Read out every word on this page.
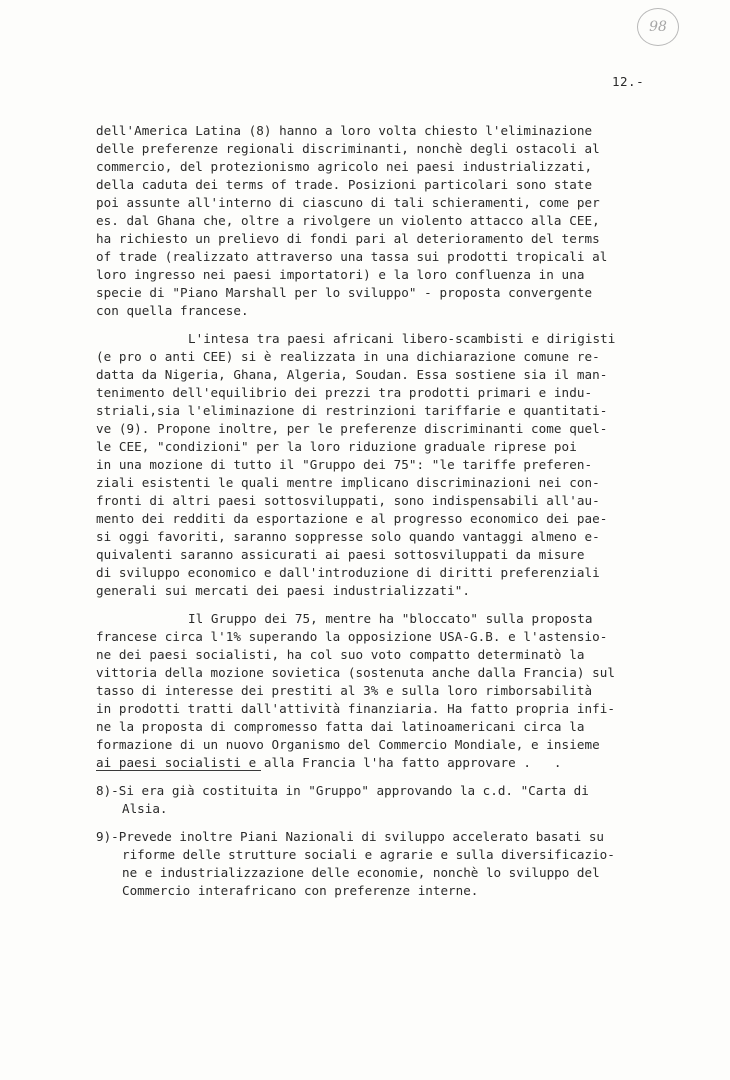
98
12.-
dell'America Latina (8) hanno a loro volta chiesto l'eliminazione
delle preferenze regionali discriminanti, nonchè degli ostacoli al
commercio, del protezionismo agricolo nei paesi industrializzati,
della caduta dei terms of trade. Posizioni particolari sono state
poi assunte all'interno di ciascuno di tali schieramenti, come per
es. dal Ghana che, oltre a rivolgere un violento attacco alla CEE,
ha richiesto un prelievo di fondi pari al deterioramento del terms
of trade (realizzato attraverso una tassa sui prodotti tropicali al
loro ingresso nei paesi importatori) e la loro confluenza in una
specie di "Piano Marshall per lo sviluppo" - proposta convergente
con quella francese.
L'intesa tra paesi africani libero-scambisti e dirigisti
(e pro o anti CEE) si è realizzata in una dichiarazione comune re-
datta da Nigeria, Ghana, Algeria, Soudan. Essa sostiene sia il man-
tenimento dell'equilibrio dei prezzi tra prodotti primari e indu-
striali,sia l'eliminazione di restrinzioni tariffarie e quantitati-
ve (9). Propone inoltre, per le preferenze discriminanti come quel-
le CEE, "condizioni" per la loro riduzione graduale riprese poi
in una mozione di tutto il "Gruppo dei 75": "le tariffe preferen-
ziali esistenti le quali mentre implicano discriminazioni nei con-
fronti di altri paesi sottosviluppati, sono indispensabili all'au-
mento dei redditi da esportazione e al progresso economico dei pae-
si oggi favoriti, saranno soppresse solo quando vantaggi almeno e-
quivalenti saranno assicurati ai paesi sottosviluppati da misure
di sviluppo economico e dall'introduzione di diritti preferenziali
generali sui mercati dei paesi industrializzati".
Il Gruppo dei 75, mentre ha "bloccato" sulla proposta
francese circa l'1% superando la opposizione USA-G.B. e l'astensio-
ne dei paesi socialisti, ha col suo voto compatto determinatò la
vittoria della mozione sovietica (sostenuta anche dalla Francia) sul
tasso di interesse dei prestiti al 3% e sulla loro rimborsabilità
in prodotti tratti dall'attività finanziaria. Ha fatto propria infi-
ne la proposta di compromesso fatta dai latinoamericani circa la
formazione di un nuovo Organismo del Commercio Mondiale, e insieme
ai paesi socialisti e alla Francia l'ha fatto approvare .   .
8)-Si era già costituita in "Gruppo" approvando la c.d. "Carta di
Alsia.
9)-Prevede inoltre Piani Nazionali di sviluppo accelerato basati su
riforme delle strutture sociali e agrarie e sulla diversificazio-
ne e industrializzazione delle economie, nonchè lo sviluppo del
Commercio interafricano con preferenze interne.
